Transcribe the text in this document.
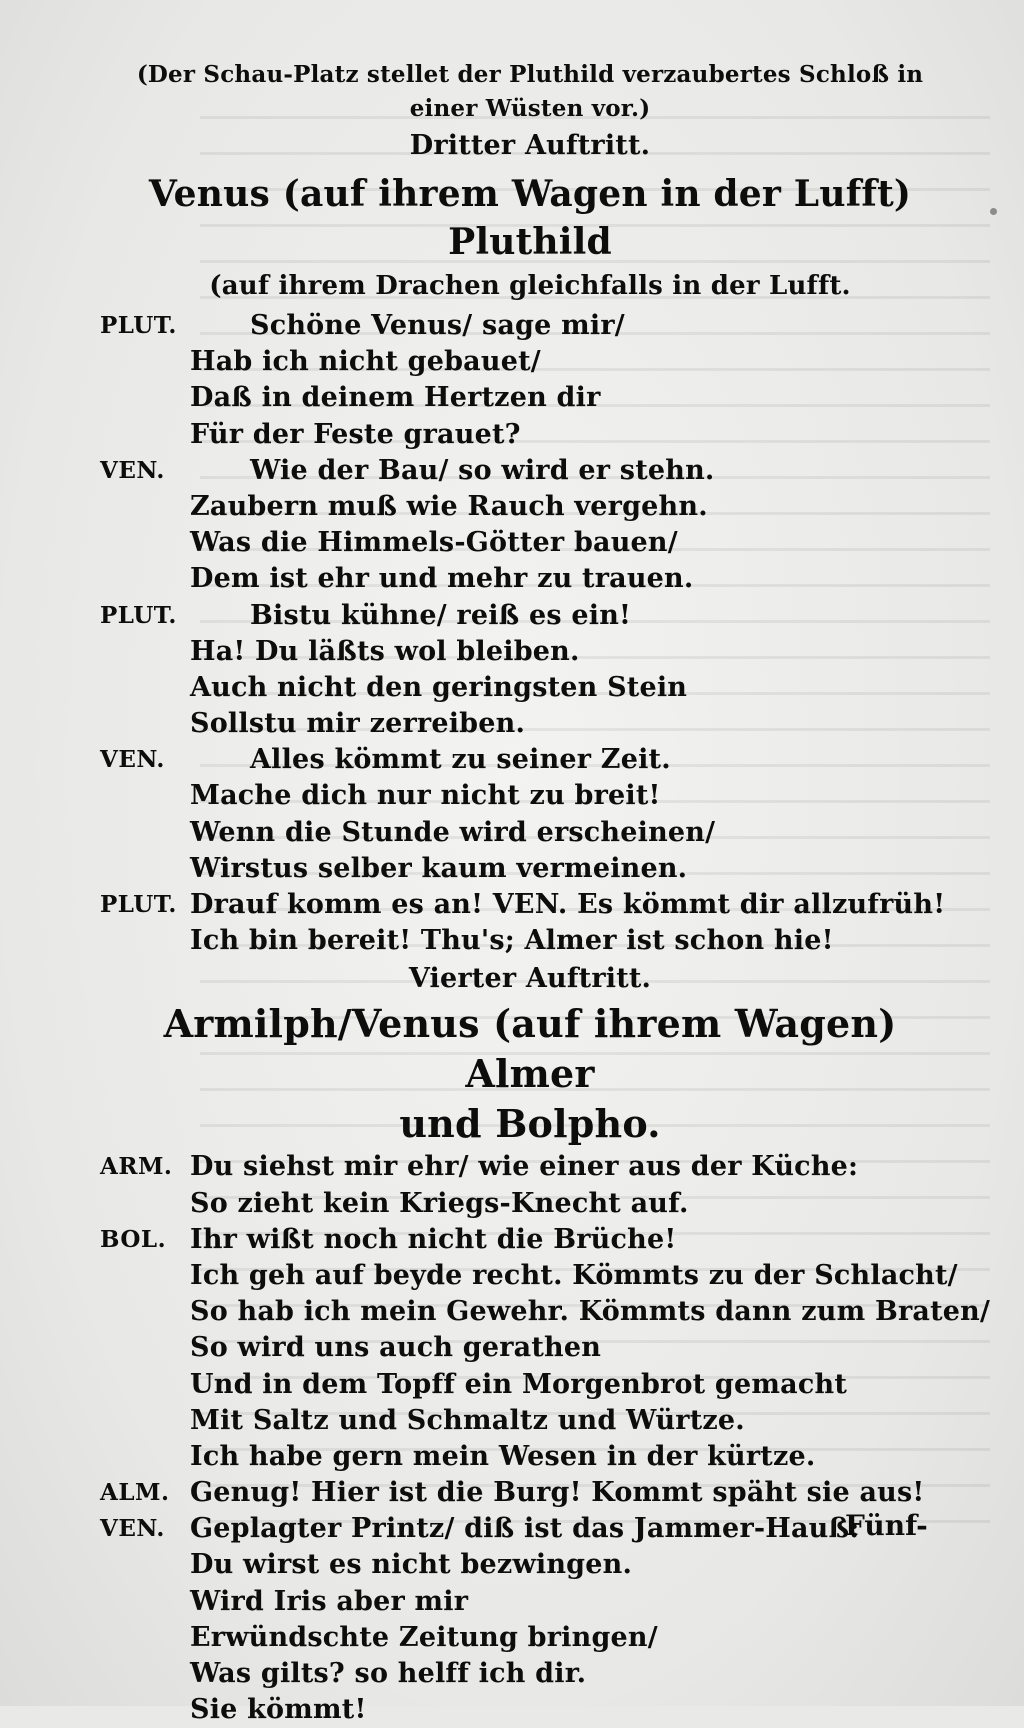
(Der Schau-Platz stellet der Pluthild verzaubertes Schloß in einer Wüsten vor.)

Dritter Auftritt.

Venus (auf ihrem Wagen in der Lufft) Pluthild

(auf ihrem Drachen gleichfalls in der Lufft.

PLUT.	Schöne Venus/ sage mir/
Hab ich nicht gebauet/
Daß in deinem Hertzen dir
Für der Feste grauet?
VEN.	Wie der Bau/ so wird er stehn.
Zaubern muß wie Rauch vergehn.
Was die Himmels-Götter bauen/
Dem ist ehr und mehr zu trauen.
PLUT.	Bistu kühne/ reiß es ein!
Ha! Du läßts wol bleiben.
Auch nicht den geringsten Stein
Sollstu mir zerreiben.
VEN.	Alles kömmt zu seiner Zeit.
Mache dich nur nicht zu breit!
Wenn die Stunde wird erscheinen/
Wirstus selber kaum vermeinen.
PLUT. Drauf komm es an! VEN. Es kömmt dir allzufrüh!
Ich bin bereit! Thu's; Almer ist schon hie!

Vierter Auftritt.

Armilph/Venus (auf ihrem Wagen) Almer

und Bolpho.

ARM. Du siehst mir ehr/ wie einer aus der Küche:
So zieht kein Kriegs-Knecht auf.
BOL. Ihr wißt noch nicht die Brüche!
Ich geh auf beyde recht. Kömmts zu der Schlacht/
So hab ich mein Gewehr. Kömmts dann zum Braten/
So wird uns auch gerathen
Und in dem Topff ein Morgenbrot gemacht
Mit Saltz und Schmaltz und Würtze.
Ich habe gern mein Wesen in der kürtze.
ALM. Genug! Hier ist die Burg! Kommt späht sie aus!
VEN. Geplagter Printz/ diß ist das Jammer-Hauß:
Du wirst es nicht bezwingen.
Wird Iris aber mir
Erwündschte Zeitung bringen/
Was gilts? so helff ich dir.
Sie kömmt!
Fünf-
